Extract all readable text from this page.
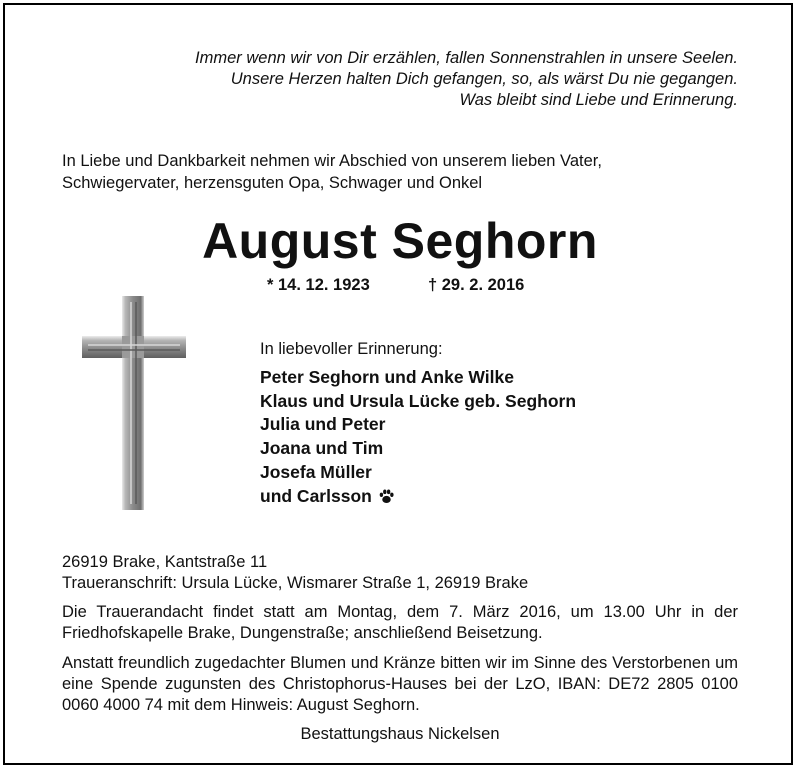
Immer wenn wir von Dir erzählen, fallen Sonnenstrahlen in unsere Seelen.
Unsere Herzen halten Dich gefangen, so, als wärst Du nie gegangen.
Was bleibt sind Liebe und Erinnerung.
In Liebe und Dankbarkeit nehmen wir Abschied von unserem lieben Vater,
Schwiegervater, herzensguten Opa, Schwager und Onkel
August Seghorn
* 14. 12. 1923	† 29. 2. 2016
In liebevoller Erinnerung:
Peter Seghorn und Anke Wilke
Klaus und Ursula Lücke geb. Seghorn
Julia und Peter
Joana und Tim
Josefa Müller
und Carlsson
26919 Brake, Kantstraße 11
Traueranschrift: Ursula Lücke, Wismarer Straße 1, 26919 Brake
Die Trauerandacht findet statt am Montag, dem 7. März 2016, um 13.00 Uhr in der Friedhofskapelle Brake, Dungenstraße; anschließend Beisetzung.
Anstatt freundlich zugedachter Blumen und Kränze bitten wir im Sinne des Verstorbenen um eine Spende zugunsten des Christophorus-Hauses bei der LzO, IBAN: DE72 2805 0100 0060 4000 74 mit dem Hinweis: August Seghorn.
Bestattungshaus Nickelsen
